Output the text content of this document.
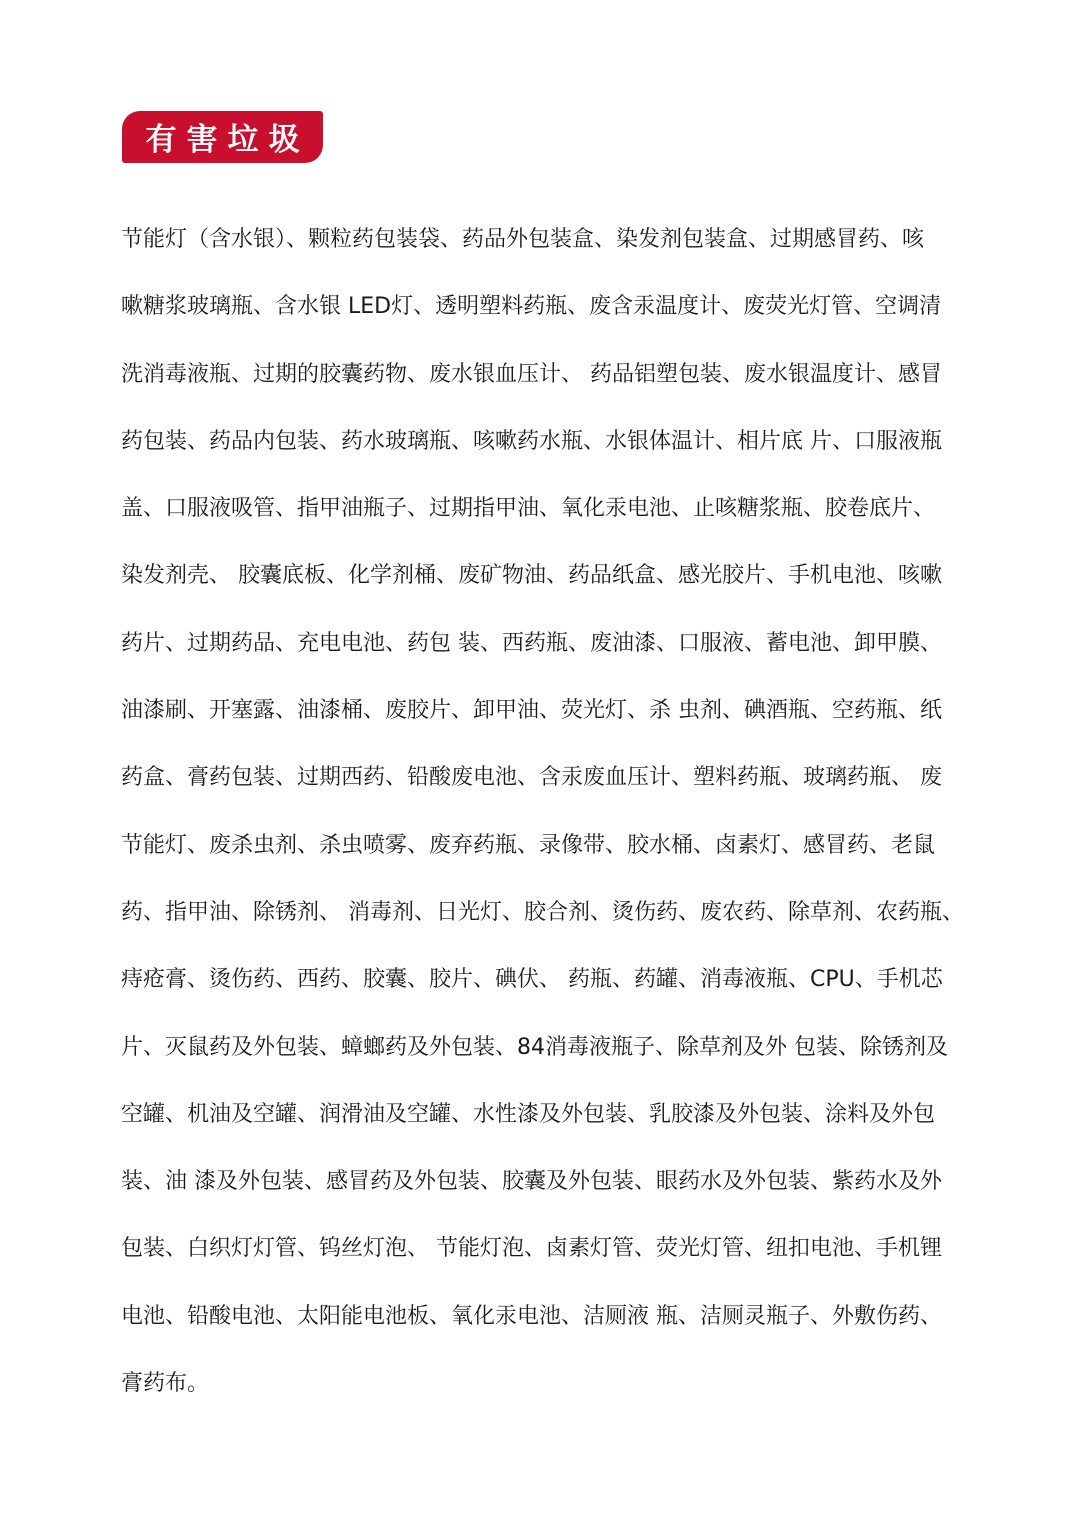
有害垃圾
节能灯（含水银）、颗粒药包装袋、药品外包装盒、染发剂包装盒、过期感冒药、咳
嗽糖浆玻璃瓶、含水银 LED灯、透明塑料药瓶、废含汞温度计、废荧光灯管、空调清
洗消毒液瓶、过期的胶囊药物、废水银血压计、 药品铝塑包装、废水银温度计、感冒
药包装、药品内包装、药水玻璃瓶、咳嗽药水瓶、水银体温计、相片底 片、口服液瓶
盖、口服液吸管、指甲油瓶子、过期指甲油、氧化汞电池、止咳糖浆瓶、胶卷底片、
染发剂壳、 胶囊底板、化学剂桶、废矿物油、药品纸盒、感光胶片、手机电池、咳嗽
药片、过期药品、充电电池、药包 装、西药瓶、废油漆、口服液、蓄电池、卸甲膜、
油漆刷、开塞露、油漆桶、废胶片、卸甲油、荧光灯、杀 虫剂、碘酒瓶、空药瓶、纸
药盒、膏药包装、过期西药、铅酸废电池、含汞废血压计、塑料药瓶、玻璃药瓶、 废
节能灯、废杀虫剂、杀虫喷雾、废弃药瓶、录像带、胶水桶、卤素灯、感冒药、老鼠
药、指甲油、除锈剂、 消毒剂、日光灯、胶合剂、烫伤药、废农药、除草剂、农药瓶、
痔疮膏、烫伤药、西药、胶囊、胶片、碘伏、 药瓶、药罐、消毒液瓶、CPU、手机芯
片、灭鼠药及外包装、蟑螂药及外包装、84消毒液瓶子、除草剂及外 包装、除锈剂及
空罐、机油及空罐、润滑油及空罐、水性漆及外包装、乳胶漆及外包装、涂料及外包
装、油 漆及外包装、感冒药及外包装、胶囊及外包装、眼药水及外包装、紫药水及外
包装、白织灯灯管、钨丝灯泡、 节能灯泡、卤素灯管、荧光灯管、纽扣电池、手机锂
电池、铅酸电池、太阳能电池板、氧化汞电池、洁厕液 瓶、洁厕灵瓶子、外敷伤药、
膏药布。
